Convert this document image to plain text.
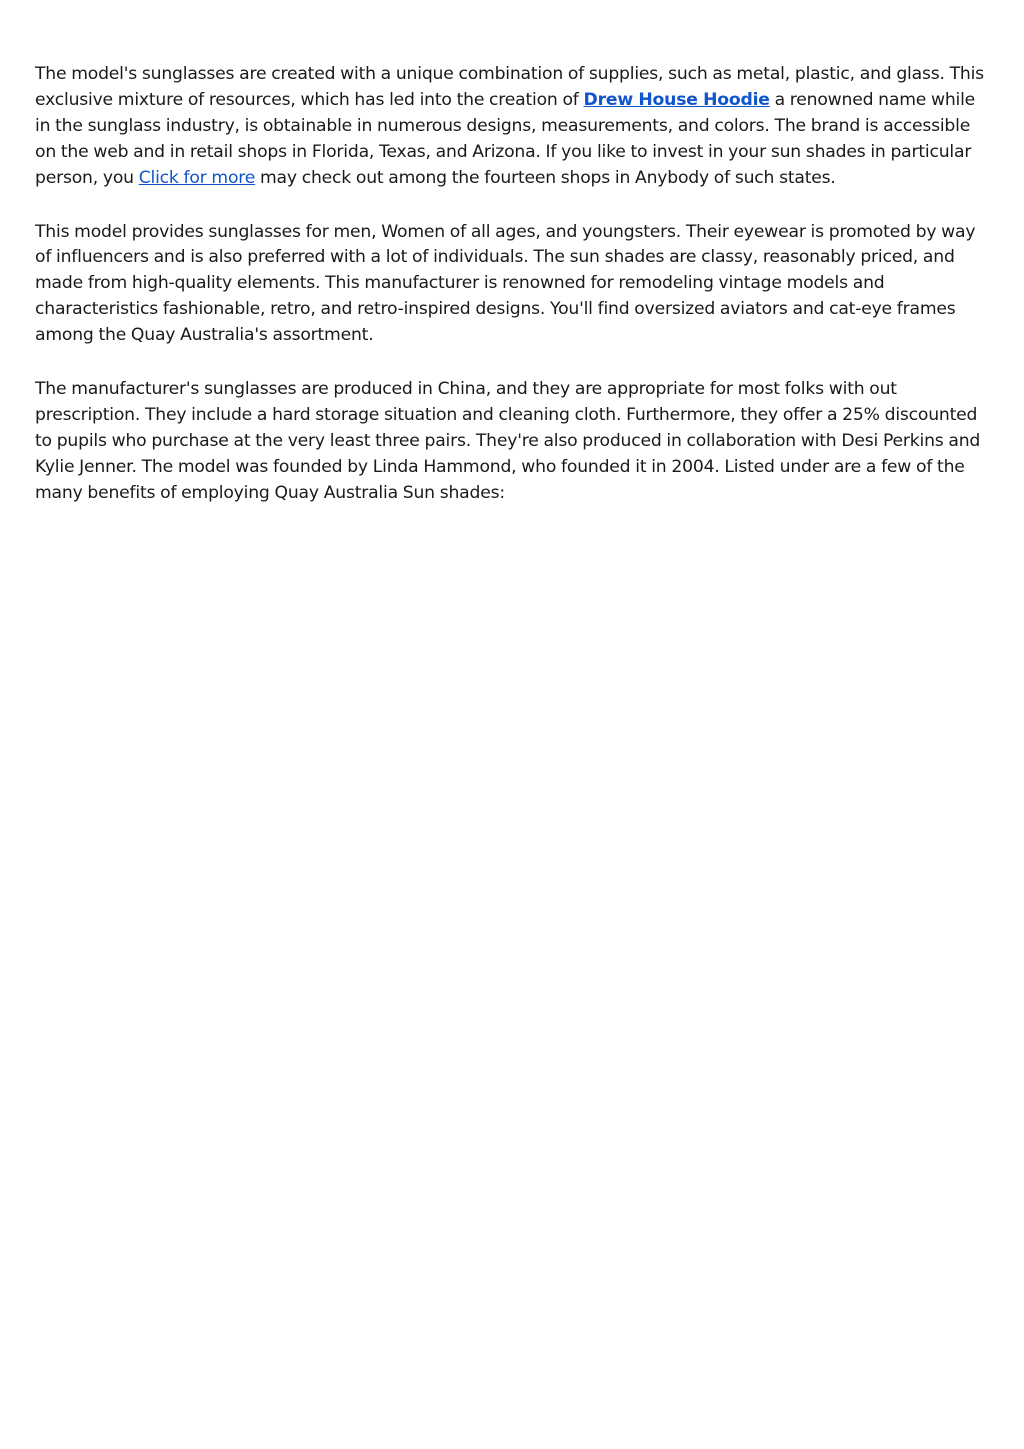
The model's sunglasses are created with a unique combination of supplies, such as metal, plastic, and glass. This exclusive mixture of resources, which has led into the creation of Drew House Hoodie a renowned name while in the sunglass industry, is obtainable in numerous designs, measurements, and colors. The brand is accessible on the web and in retail shops in Florida, Texas, and Arizona. If you like to invest in your sun shades in particular person, you Click for more may check out among the fourteen shops in Anybody of such states.

This model provides sunglasses for men, Women of all ages, and youngsters. Their eyewear is promoted by way of influencers and is also preferred with a lot of individuals. The sun shades are classy, reasonably priced, and made from high-quality elements. This manufacturer is renowned for remodeling vintage models and characteristics fashionable, retro, and retro-inspired designs. You'll find oversized aviators and cat-eye frames among the Quay Australia's assortment.

The manufacturer's sunglasses are produced in China, and they are appropriate for most folks with out prescription. They include a hard storage situation and cleaning cloth. Furthermore, they offer a 25% discounted to pupils who purchase at the very least three pairs. They're also produced in collaboration with Desi Perkins and Kylie Jenner. The model was founded by Linda Hammond, who founded it in 2004. Listed under are a few of the many benefits of employing Quay Australia Sun shades:
